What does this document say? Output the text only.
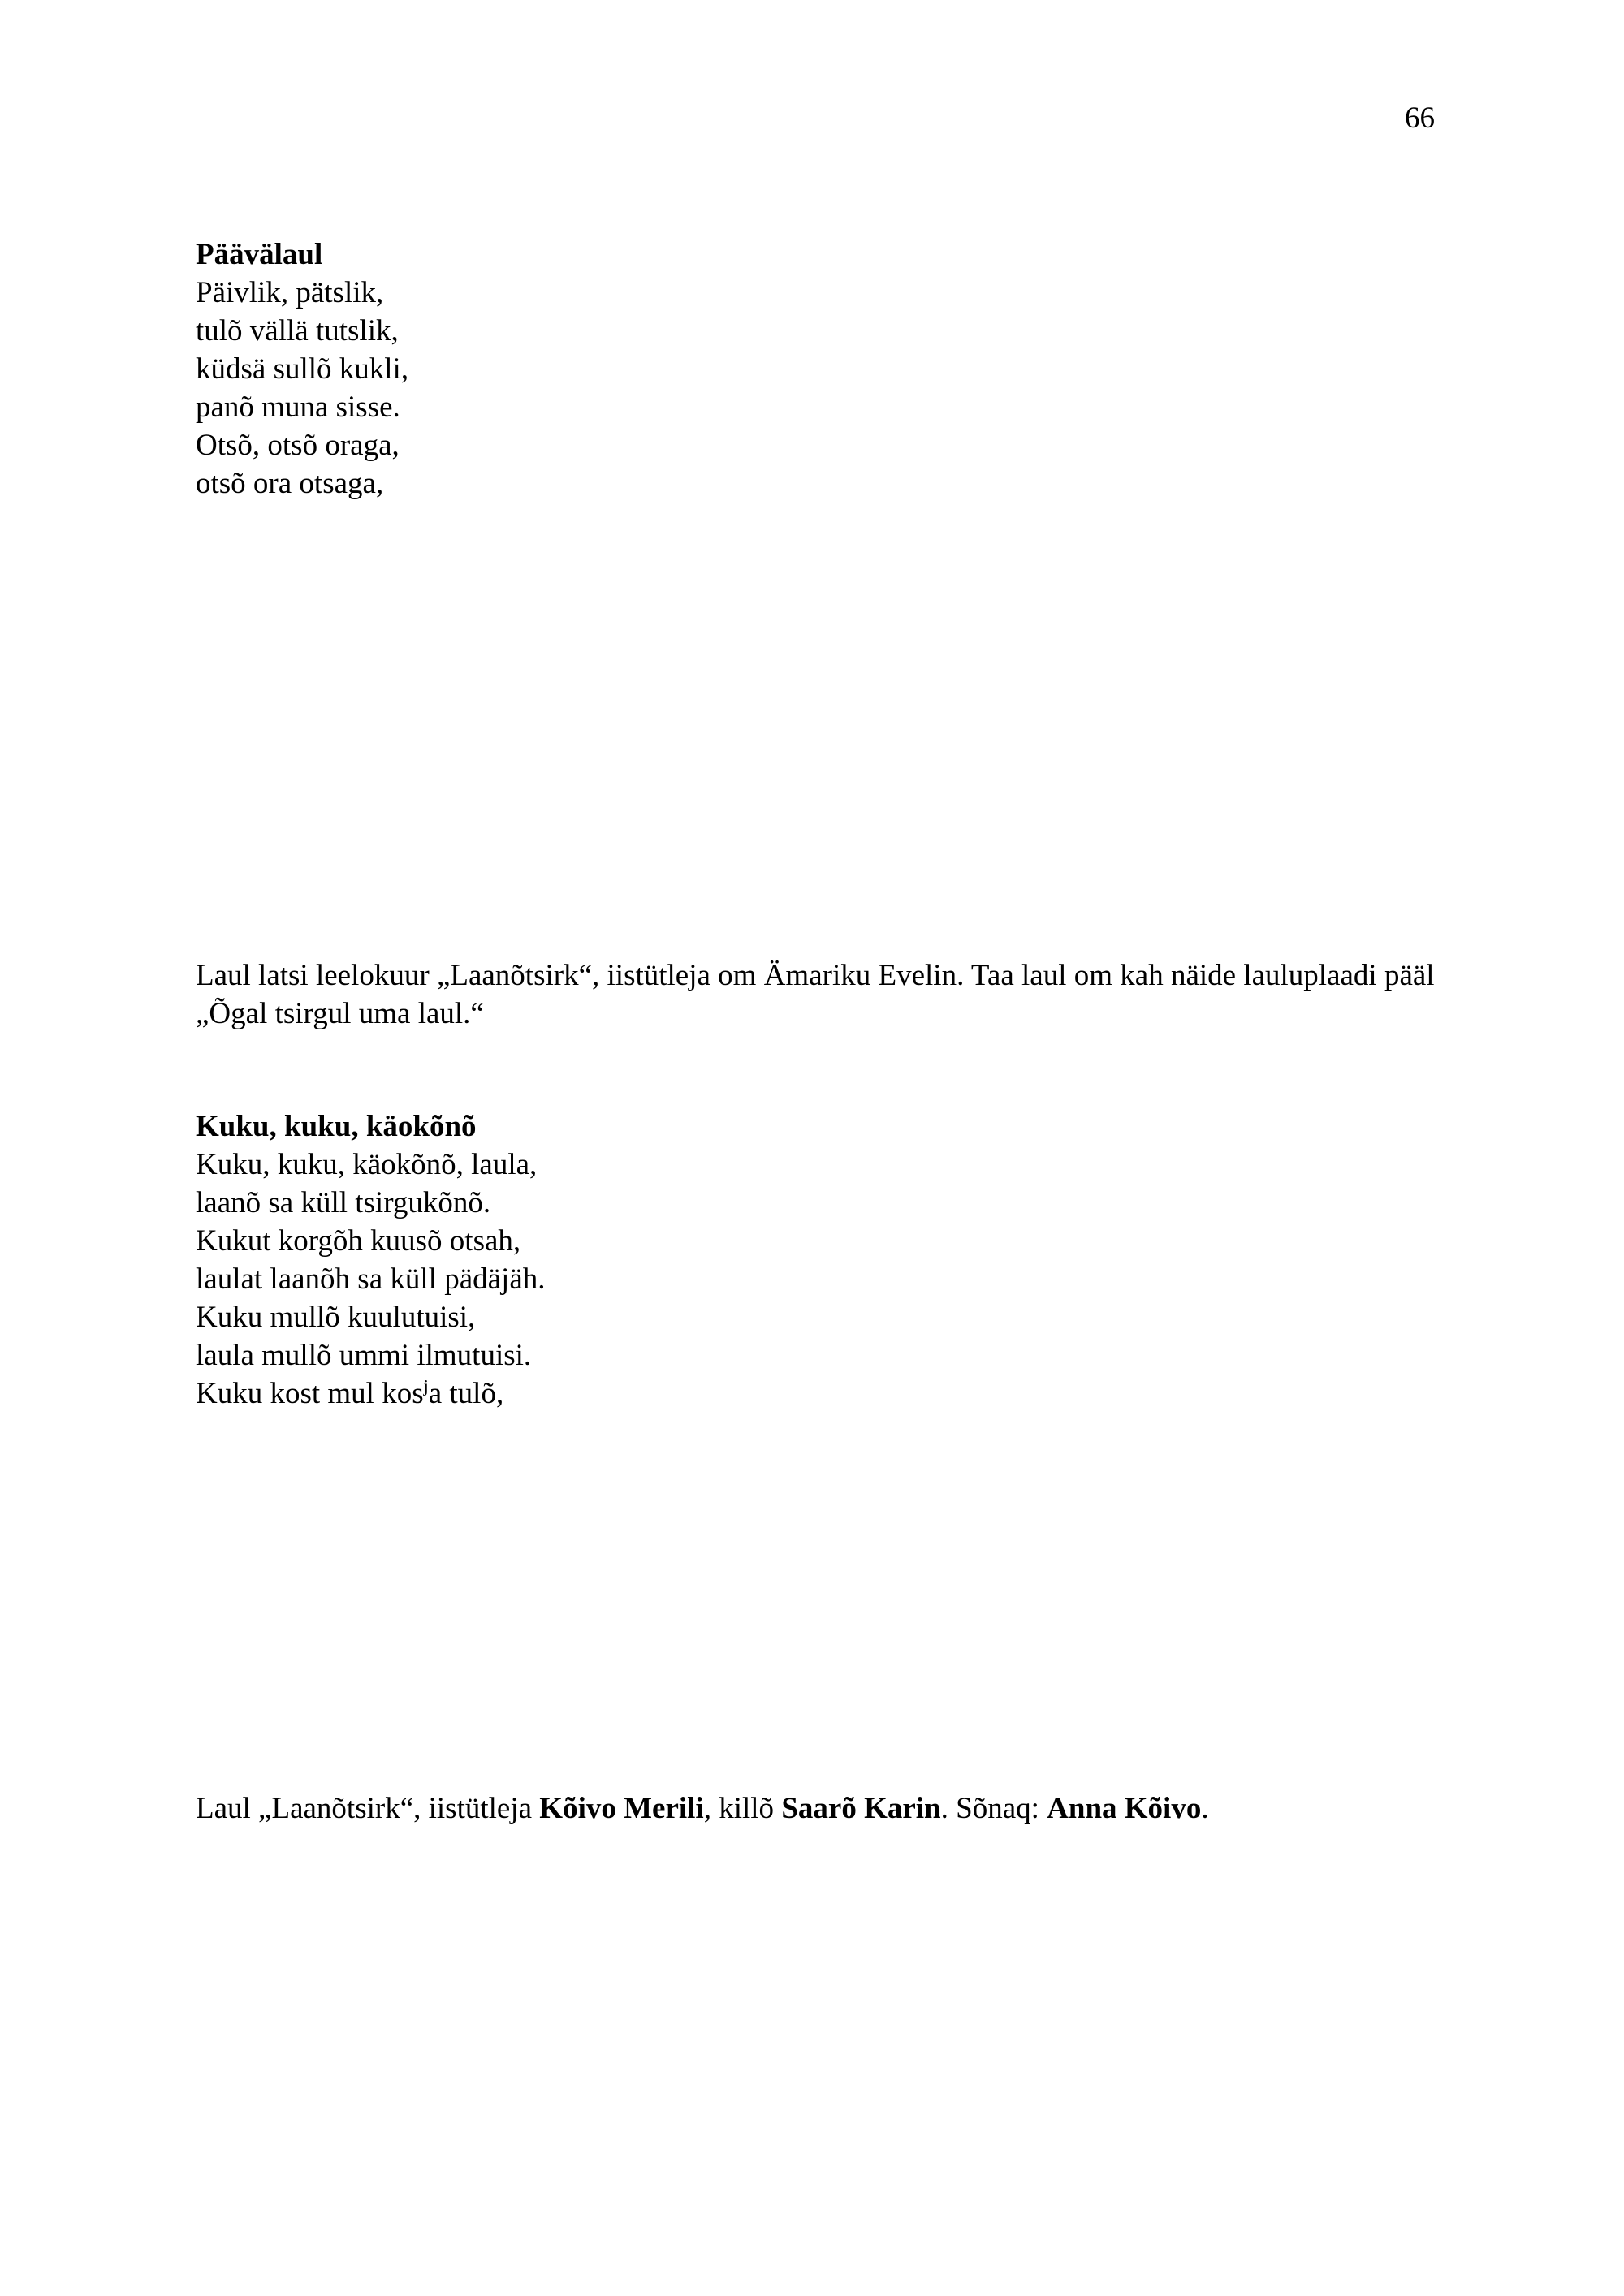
66
Päävälaul
Päivlik, pätslik,
tulõ vällä tutslik,
küdsä sullõ kukli,
panõ muna sisse.
Otsõ, otsõ oraga,
otsõ ora otsaga,
Laul latsi leelokuur „Laanõtsirk“, iistütleja om Ämariku Evelin. Taa laul om kah näide lauluplaadi pääl „Õgal tsirgul uma laul.“
Kuku, kuku, käokõnõ
Kuku, kuku, käokõnõ, laula,
laanõ sa küll tsirgukõnõ.
Kukut korgõh kuusõ otsah,
laulat laanõh sa küll pädäjäh.
Kuku mullõ kuulutuisi,
laula mullõ ummi ilmutuisi.
Kuku kost mul kos$^j$a tulõ,
Laul „Laanõtsirk“, iistütleja Kõivo Merili, killõ Saarõ Karin. Sõnaq: Anna Kõivo.
